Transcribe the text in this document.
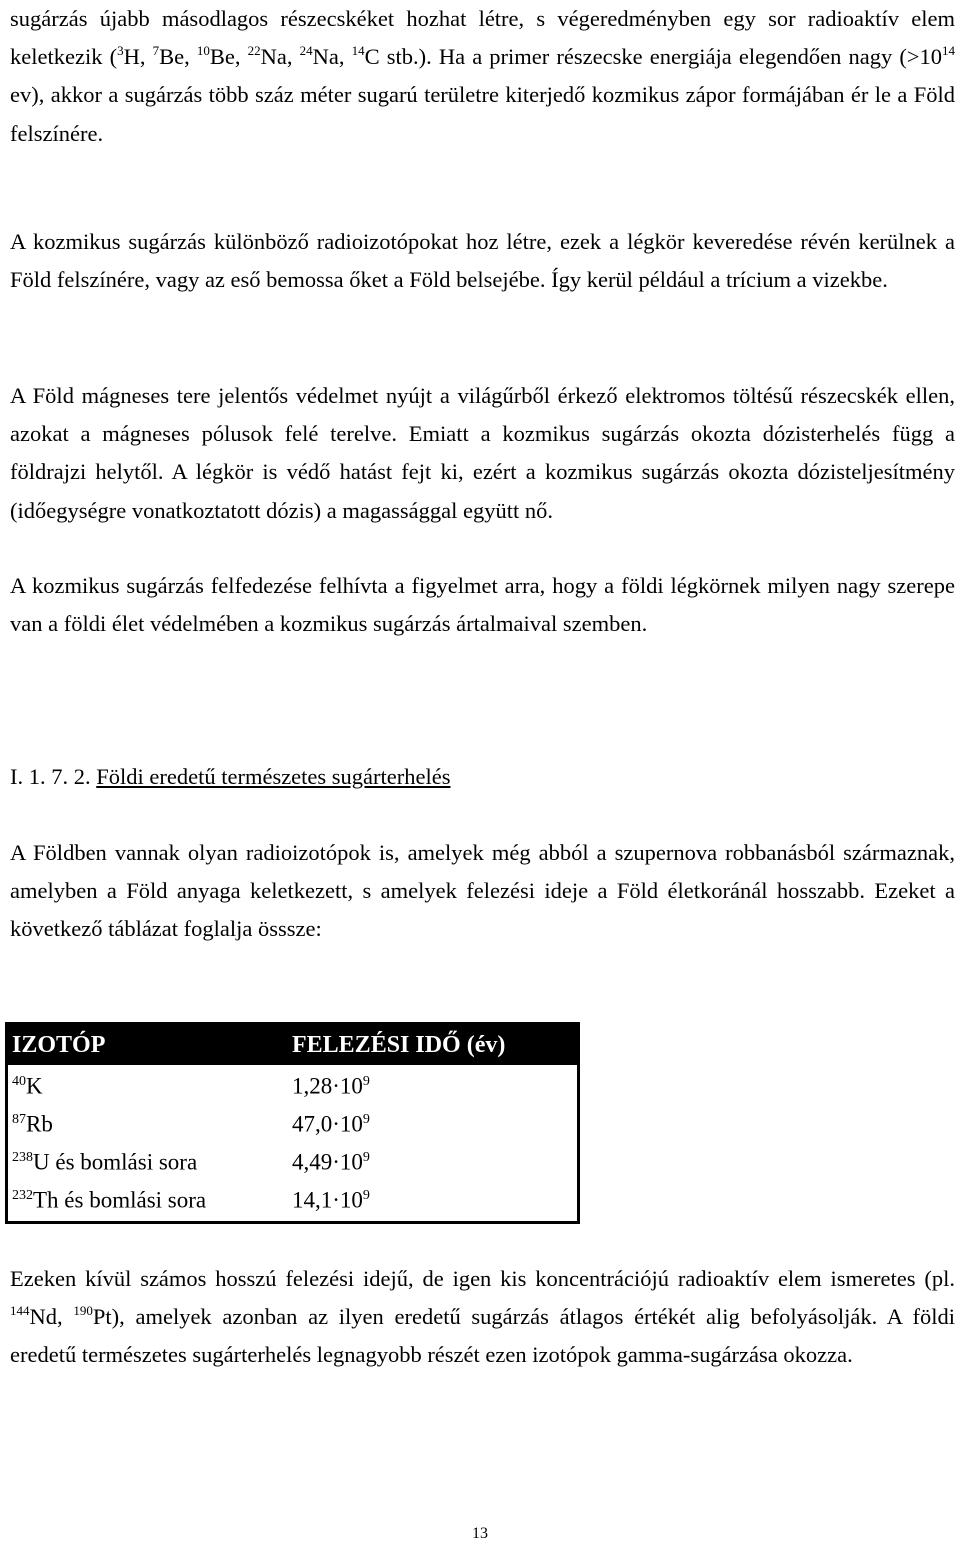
sugárzás újabb másodlagos részecskéket hozhat létre, s végeredményben egy sor radioaktív elem keletkezik ($^3$H, $^7$Be, $^{10}$Be, $^{22}$Na, $^{24}$Na, $^{14}$C stb.). Ha a primer részecske energiája elegendően nagy ($>10^{14}$ ev), akkor a sugárzás több száz méter sugarú területre kiterjedő kozmikus zápor formájában ér le a Föld felszínére.

A kozmikus sugárzás különböző radioizotópokat hoz létre, ezek a légkör keveredése révén kerülnek a Föld felszínére, vagy az eső bemossa őket a Föld belsejébe. Így kerül például a trícium a vizekbe.

A Föld mágneses tere jelentős védelmet nyújt a világűrből érkező elektromos töltésű részecskék ellen, azokat a mágneses pólusok felé terelve. Emiatt a kozmikus sugárzás okozta dózisterhelés függ a földrajzi helytől. A légkör is védő hatást fejt ki, ezért a kozmikus sugárzás okozta dózisteljesítmény (időegységre vonatkoztatott dózis) a magassággal együtt nő.

A kozmikus sugárzás felfedezése felhívta a figyelmet arra, hogy a földi légkörnek milyen nagy szerepe van a földi élet védelmében a kozmikus sugárzás ártalmaival szemben.

I. 1. 7. 2. Földi eredetű természetes sugárterhelés

A Földben vannak olyan radioizotópok is, amelyek még abból a szupernova robbanásból származnak, amelyben a Föld anyaga keletkezett, s amelyek felezési ideje a Föld életkoránál hosszabb. Ezeket a következő táblázat foglalja össsze:

IZOTÓP	FELEZÉSI IDŐ (év)
$^{40}$K	$1,28\cdot 10^9$
$^{87}$Rb	$47,0\cdot 10^9$
$^{238}$U és bomlási sora	$4,49\cdot 10^9$
$^{232}$Th és bomlási sora	$14,1\cdot 10^9$

Ezeken kívül számos hosszú felezési idejű, de igen kis koncentrációjú radioaktív elem ismeretes (pl. $^{144}$Nd, $^{190}$Pt), amelyek azonban az ilyen eredetű sugárzás átlagos értékét alig befolyásolják. A földi eredetű természetes sugárterhelés legnagyobb részét ezen izotópok gamma-sugárzása okozza.

13
